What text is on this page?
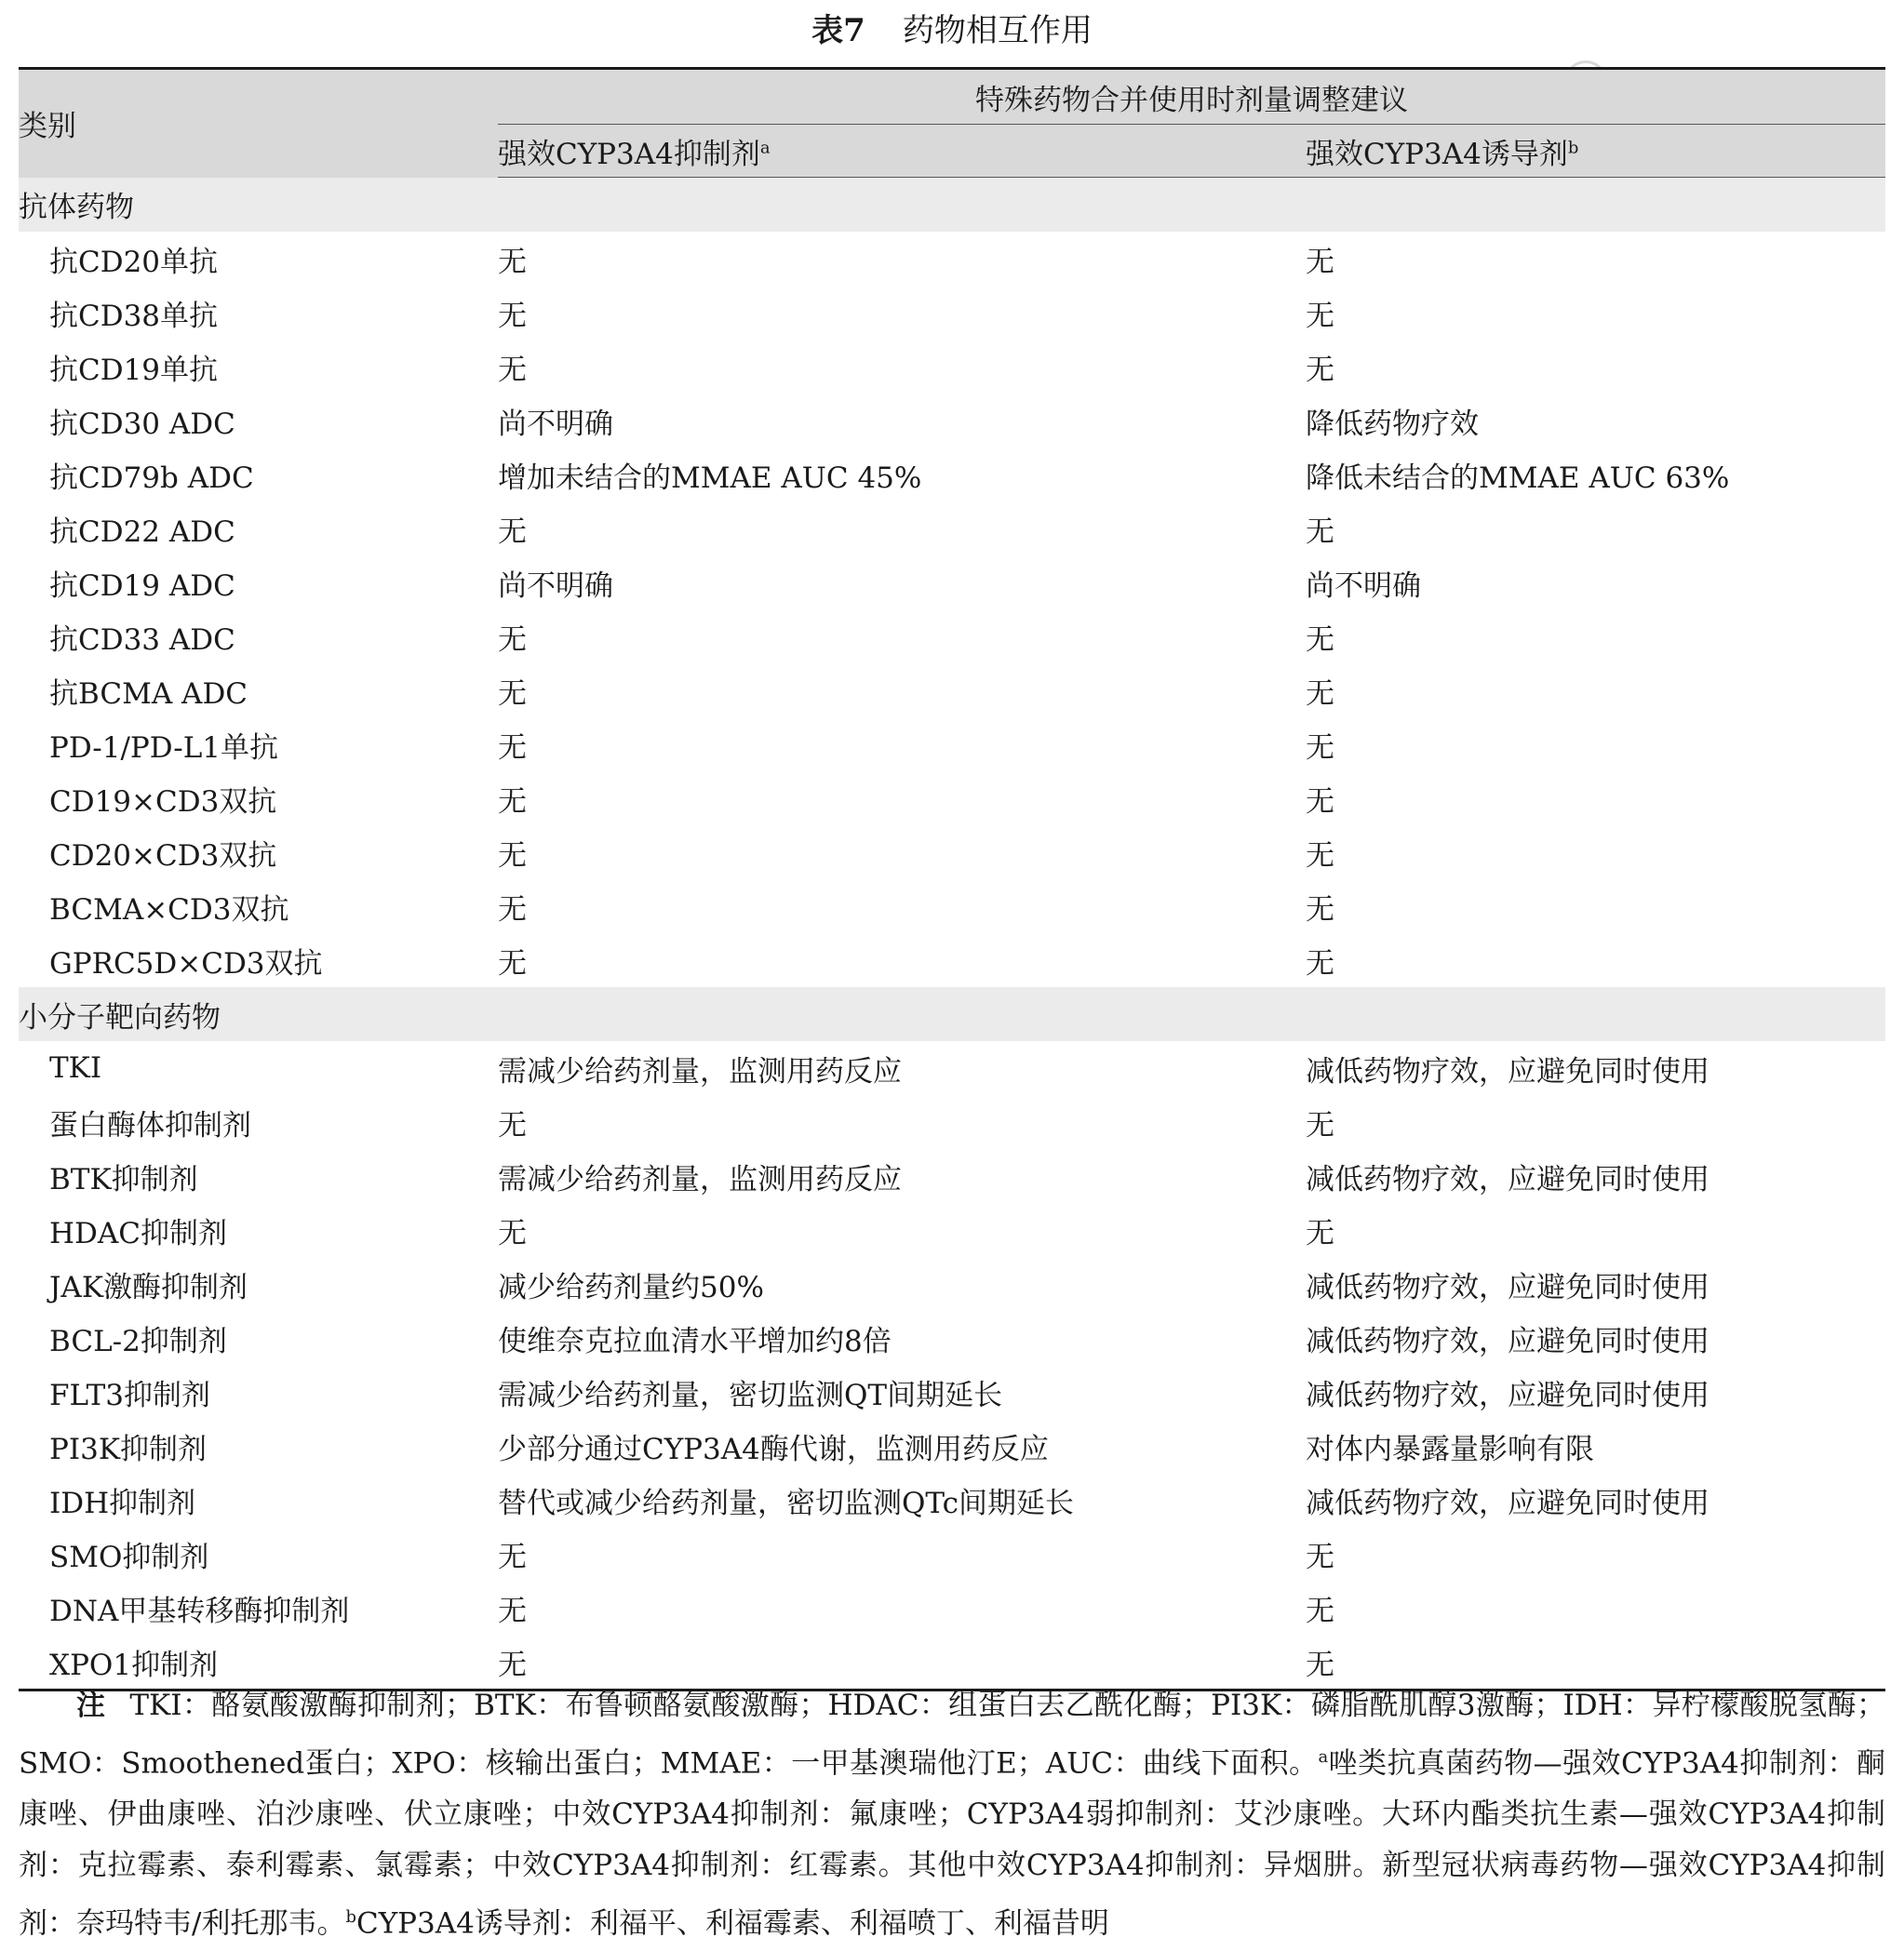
表7 药物相互作用
类别	特殊药物合并使用时剂量调整建议	
	强效CYP3A4抑制剂$^a$	强效CYP3A4诱导剂$^b$
抗体药物		
抗CD20单抗	无	无
抗CD38单抗	无	无
抗CD19单抗	无	无
抗CD30 ADC	尚不明确	降低药物疗效
抗CD79b ADC	增加未结合的MMAE AUC 45%	降低未结合的MMAE AUC 63%
抗CD22 ADC	无	无
抗CD19 ADC	尚不明确	尚不明确
抗CD33 ADC	无	无
抗BCMA ADC	无	无
PD-1/PD-L1单抗	无	无
CD19×CD3双抗	无	无
CD20×CD3双抗	无	无
BCMA×CD3双抗	无	无
GPRC5D×CD3双抗	无	无
小分子靶向药物		
TKI	需减少给药剂量，监测用药反应	减低药物疗效，应避免同时使用
蛋白酶体抑制剂	无	无
BTK抑制剂	需减少给药剂量，监测用药反应	减低药物疗效，应避免同时使用
HDAC抑制剂	无	无
JAK激酶抑制剂	减少给药剂量约50%	减低药物疗效，应避免同时使用
BCL-2抑制剂	使维奈克拉血清水平增加约8倍	减低药物疗效，应避免同时使用
FLT3抑制剂	需减少给药剂量，密切监测QT间期延长	减低药物疗效，应避免同时使用
PI3K抑制剂	少部分通过CYP3A4酶代谢，监测用药反应	对体内暴露量影响有限
IDH抑制剂	替代或减少给药剂量，密切监测QTc间期延长	减低药物疗效，应避免同时使用
SMO抑制剂	无	无
DNA甲基转移酶抑制剂	无	无
XPO1抑制剂	无	无
注 TKI：酪氨酸激酶抑制剂；BTK：布鲁顿酪氨酸激酶；HDAC：组蛋白去乙酰化酶；PI3K：磷脂酰肌醇3激酶；IDH：异柠檬酸脱氢酶；SMO：Smoothened蛋白；XPO：核输出蛋白；MMAE：一甲基澳瑞他汀E；AUC：曲线下面积。$^a$唑类抗真菌药物—强效CYP3A4抑制剂：酮康唑、伊曲康唑、泊沙康唑、伏立康唑；中效CYP3A4抑制剂：氟康唑；CYP3A4弱抑制剂：艾沙康唑。大环内酯类抗生素—强效CYP3A4抑制剂：克拉霉素、泰利霉素、氯霉素；中效CYP3A4抑制剂：红霉素。其他中效CYP3A4抑制剂：异烟肼。新型冠状病毒药物—强效CYP3A4抑制剂：奈玛特韦/利托那韦。$^b$CYP3A4诱导剂：利福平、利福霉素、利福喷丁、利福昔明
